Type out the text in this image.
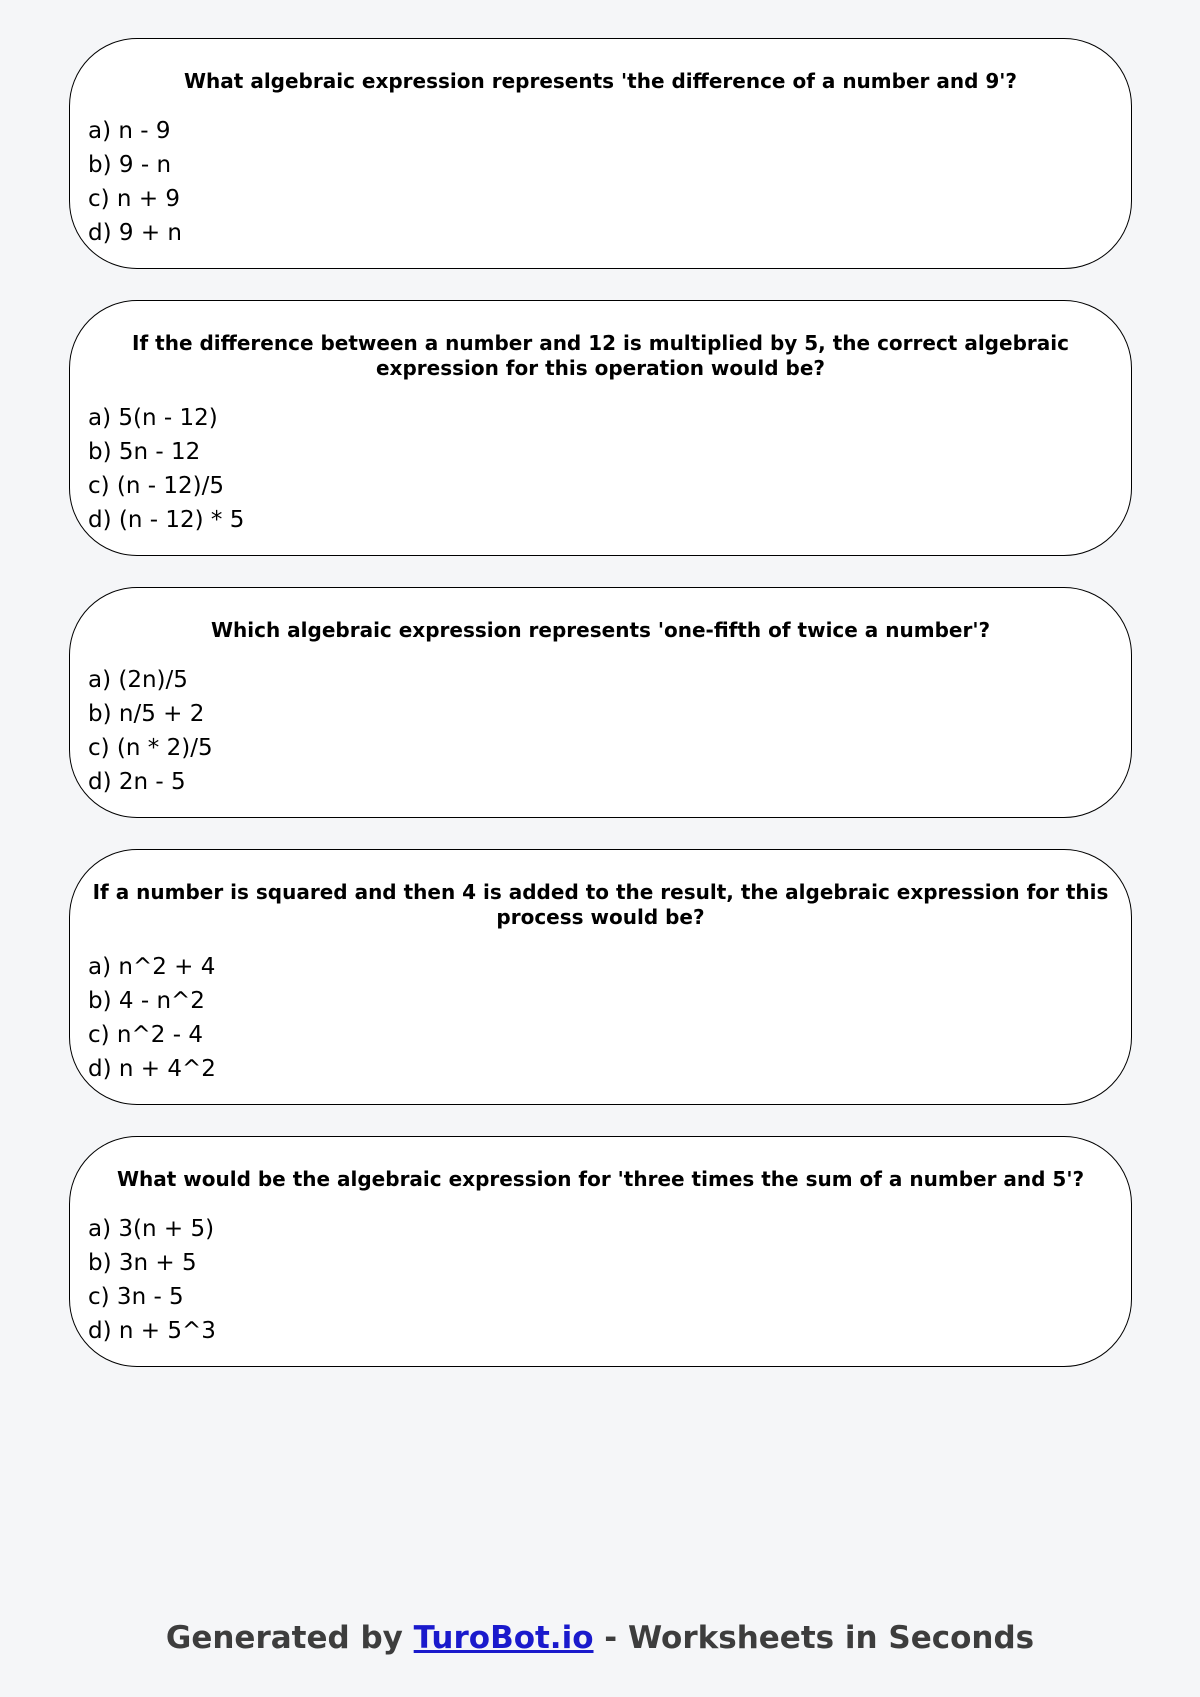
What algebraic expression represents 'the difference of a number and 9'?

a) n - 9
b) 9 - n
c) n + 9
d) 9 + n

If the difference between a number and 12 is multiplied by 5, the correct algebraic expression for this operation would be?

a) 5(n - 12)
b) 5n - 12
c) (n - 12)/5
d) (n - 12) * 5

Which algebraic expression represents 'one-fifth of twice a number'?

a) (2n)/5
b) n/5 + 2
c) (n * 2)/5
d) 2n - 5

If a number is squared and then 4 is added to the result, the algebraic expression for this process would be?

a) n^2 + 4
b) 4 - n^2
c) n^2 - 4
d) n + 4^2

What would be the algebraic expression for 'three times the sum of a number and 5'?

a) 3(n + 5)
b) 3n + 5
c) 3n - 5
d) n + 5^3
Generated by TuroBot.io - Worksheets in Seconds
